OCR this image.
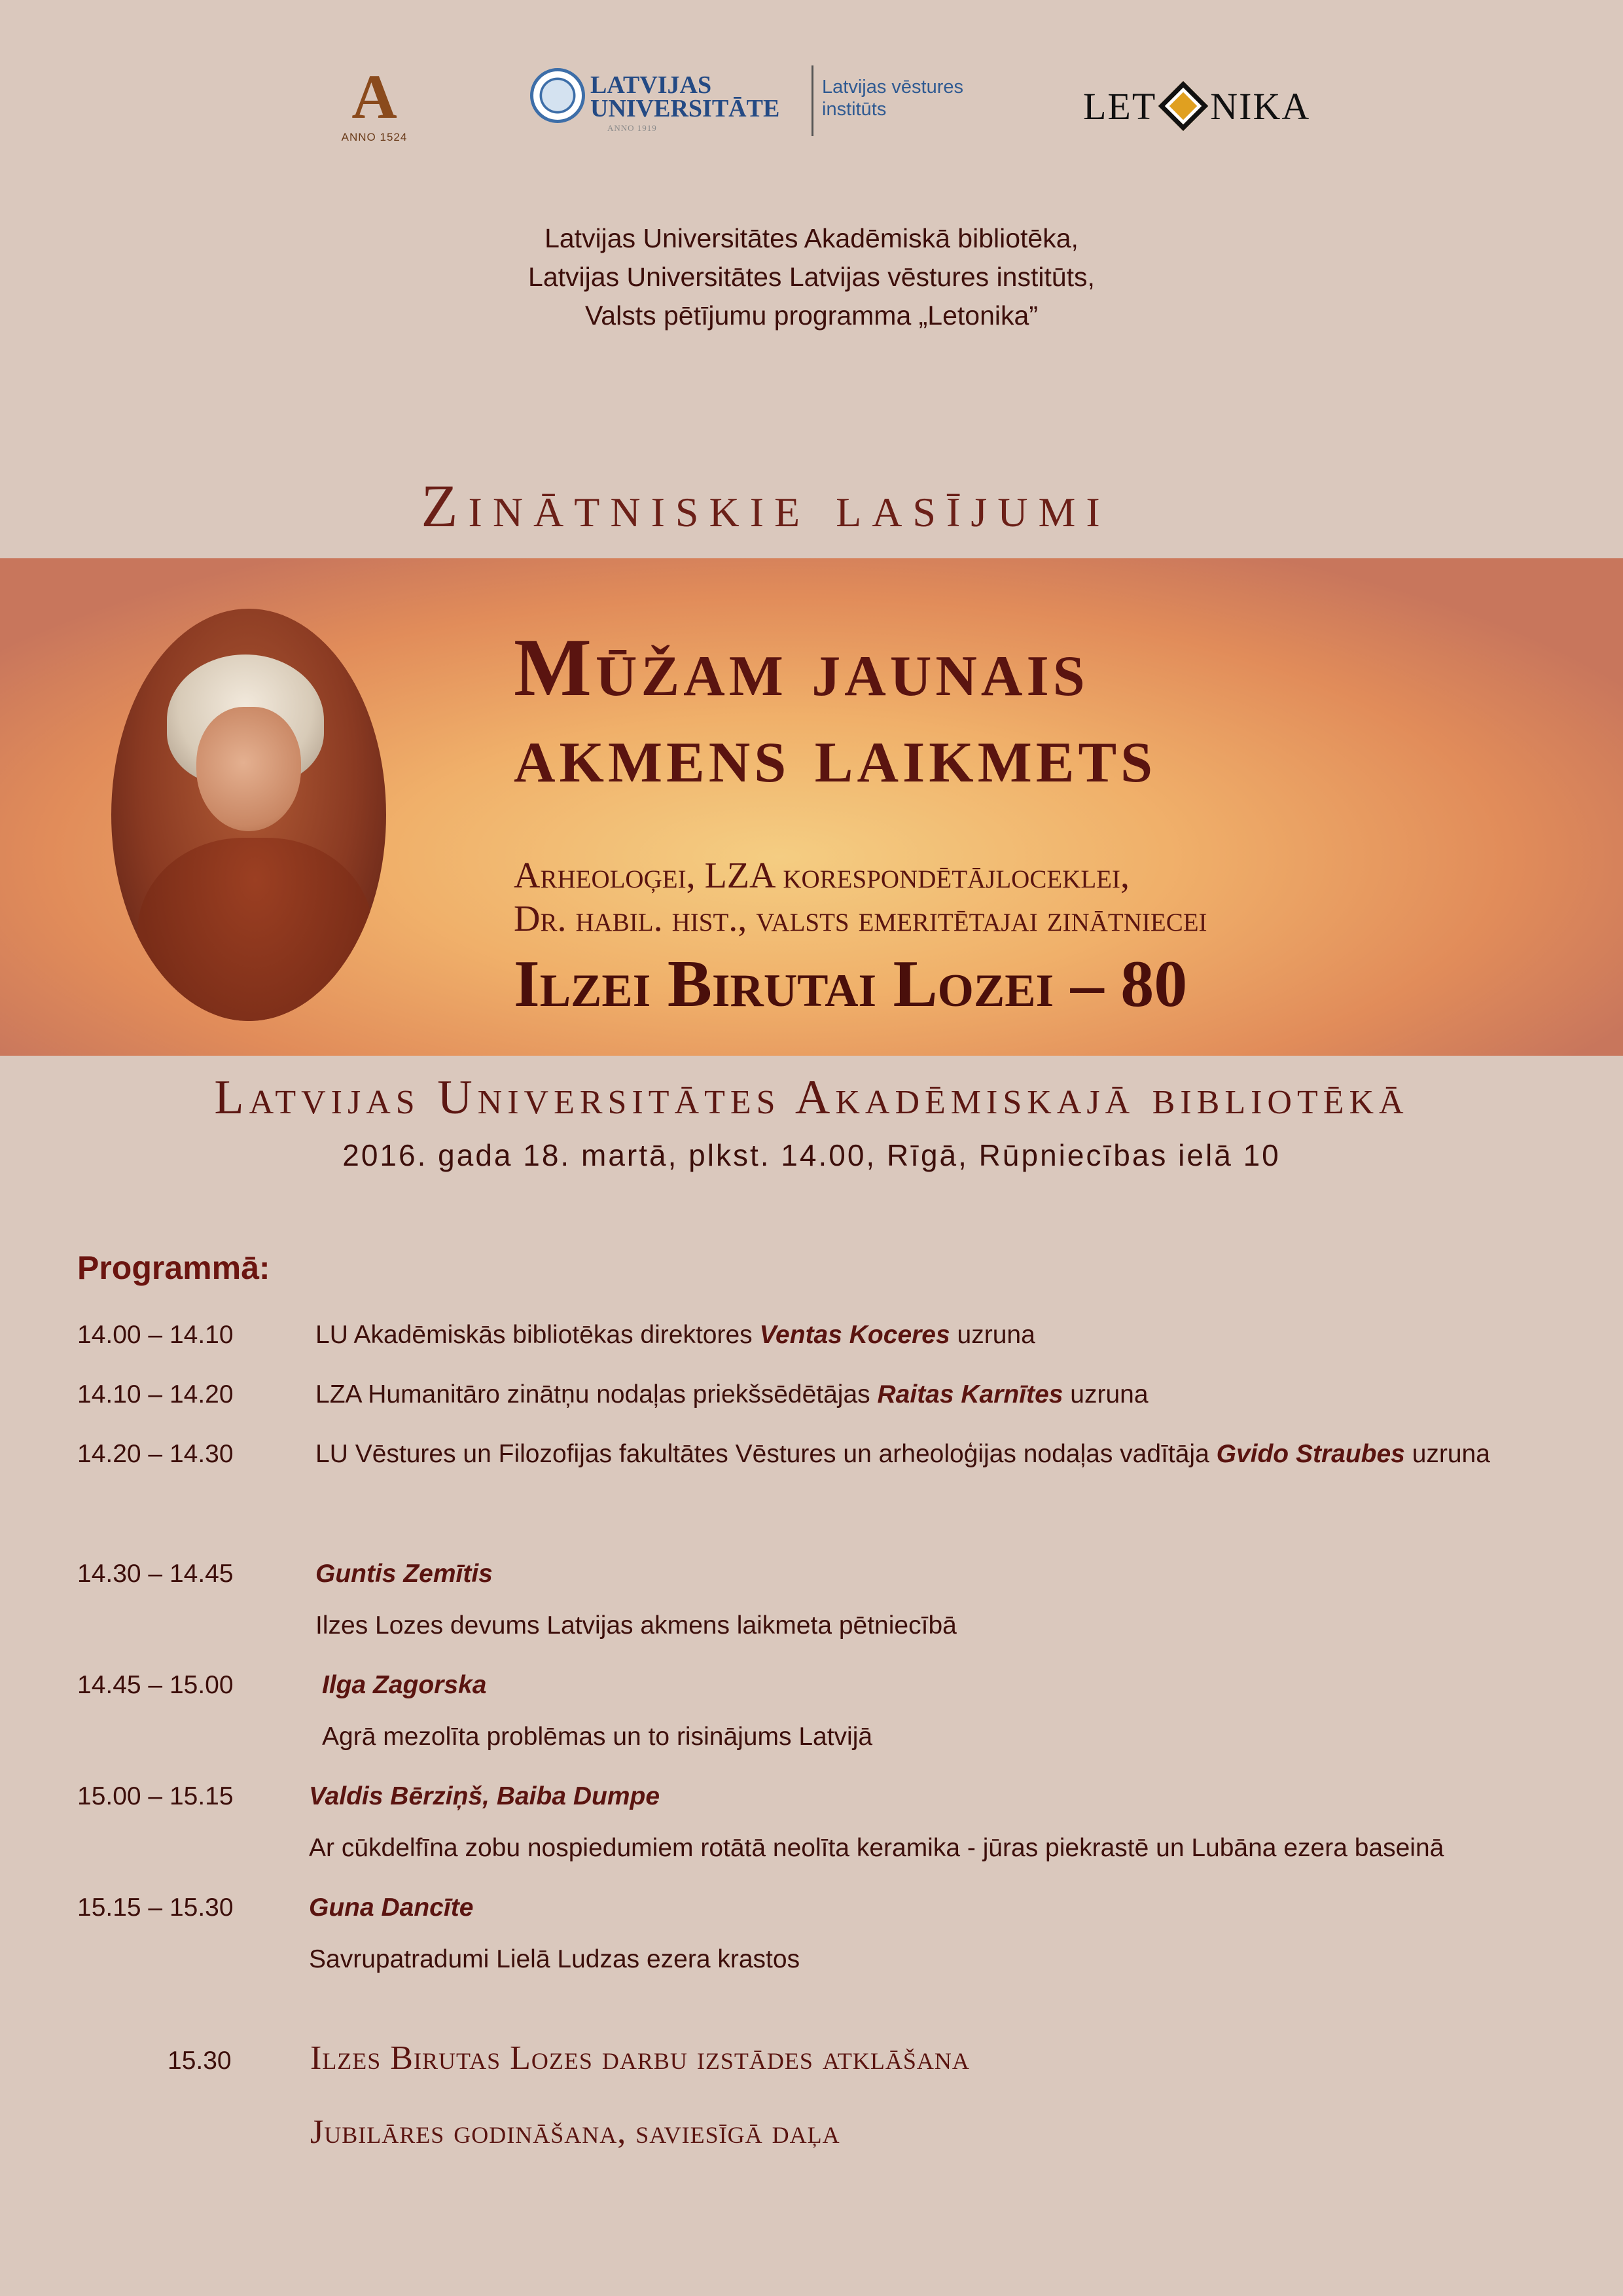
A
ANNO 1524
LATVIJAS
UNIVERSITĀTE
ANNO 1919
Latvijas vēstures
institūts	LET NIKA
Latvijas Universitātes Akadēmiskā bibliotēka,
Latvijas Universitātes Latvijas vēstures institūts,
Valsts pētījumu programma „Letonika”
Zinātniskie lasījumi
Mūžam jaunais
akmens laikmets
Arheoloģei, LZA korespondētājloceklei,
Dr. habil. hist., valsts emeritētajai zinātniecei
Ilzei Birutai Lozei – 80
Latvijas Universitātes Akadēmiskajā bibliotēkā
2016. gada 18. martā, plkst. 14.00, Rīgā, Rūpniecības ielā 10
Programmā:
14.00 – 14.10	LU Akadēmiskās bibliotēkas direktores Ventas Koceres uzruna
14.10 – 14.20	LZA Humanitāro zinātņu nodaļas priekšsēdētājas Raitas Karnītes uzruna
14.20 – 14.30	LU Vēstures un Filozofijas fakultātes Vēstures un arheoloģijas nodaļas vadītāja Gvido Straubes uzruna
14.30 – 14.45	Guntis Zemītis
Ilzes Lozes devums Latvijas akmens laikmeta pētniecībā
14.45 – 15.00	Ilga Zagorska
Agrā mezolīta problēmas un to risinājums Latvijā
15.00 – 15.15	Valdis Bērziņš, Baiba Dumpe
Ar cūkdelfīna zobu nospiedumiem rotātā neolīta keramika - jūras piekrastē un Lubāna ezera baseinā
15.15 – 15.30	Guna Dancīte
Savrupatradumi Lielā Ludzas ezera krastos
15.30 Ilzes Birutas Lozes darbu izstādes atklāšana
Jubilāres godināšana, saviesīgā daļa
